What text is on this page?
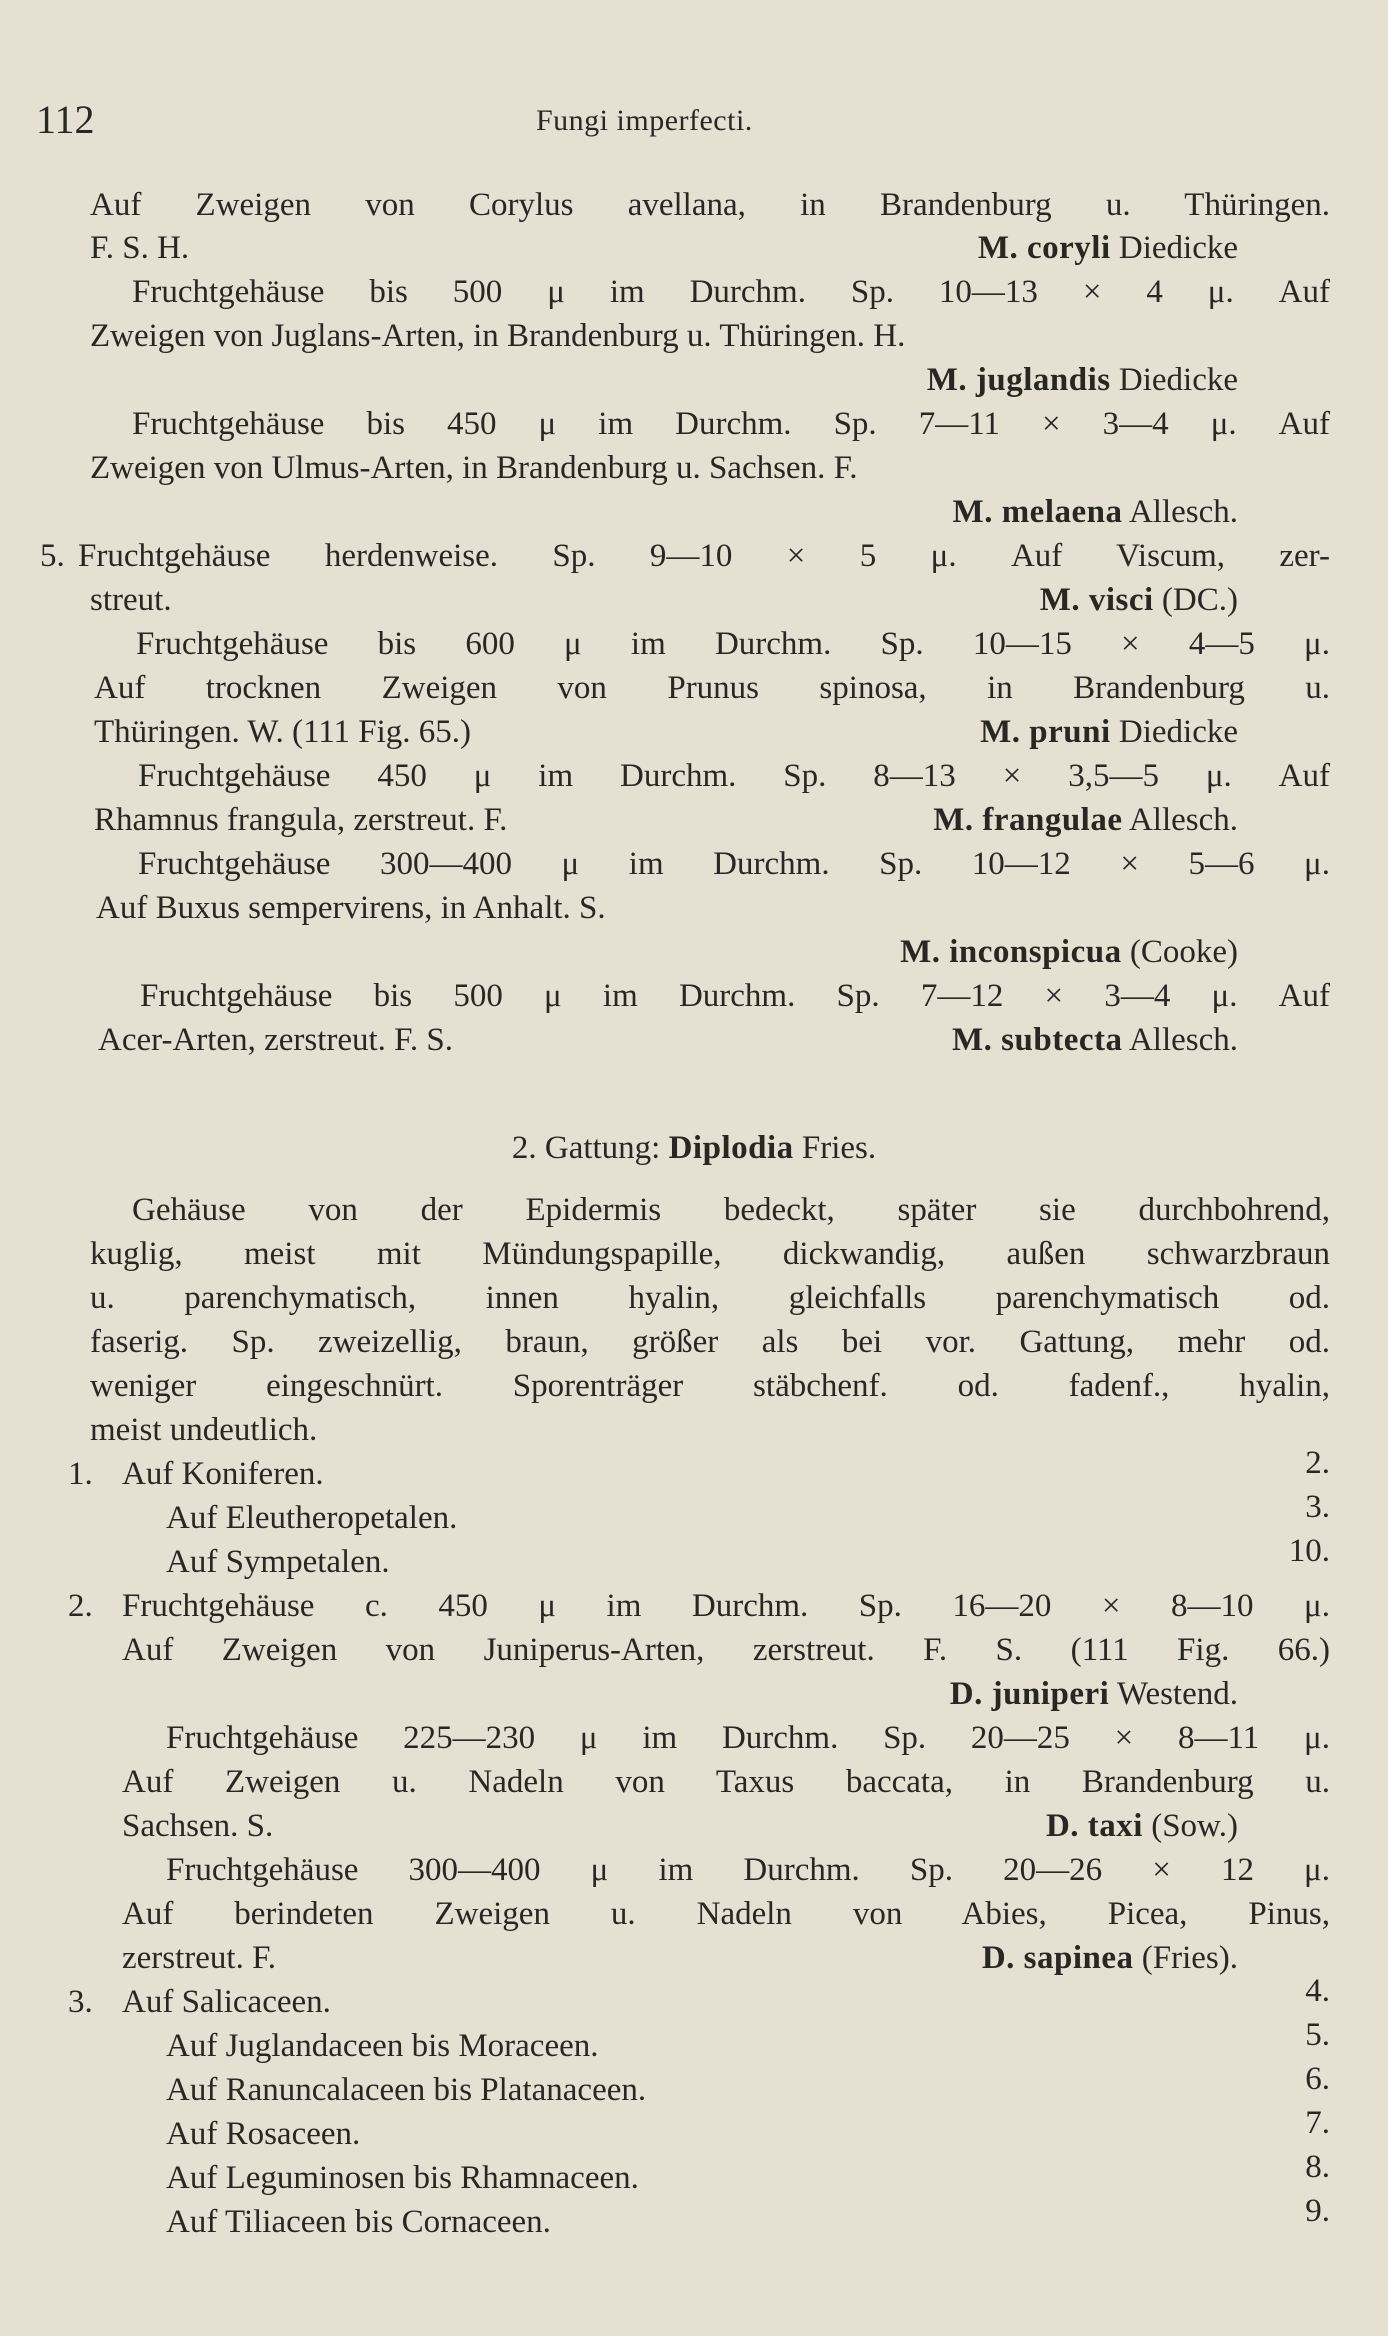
112	Fungi imperfecti.
Auf Zweigen von Corylus avellana, in Brandenburg u. Thüringen.
F. S. H.	M. coryli Diedicke
Fruchtgehäuse bis 500 μ im Durchm. Sp. 10—13 × 4 μ. Auf
Zweigen von Juglans-Arten, in Brandenburg u. Thüringen. H.
M. juglandis Diedicke
Fruchtgehäuse bis 450 μ im Durchm. Sp. 7—11 × 3—4 μ. Auf
Zweigen von Ulmus-Arten, in Brandenburg u. Sachsen. F.
M. melaena Allesch.
5. Fruchtgehäuse herdenweise. Sp. 9—10 × 5 μ. Auf Viscum, zer-
streut.	M. visci (DC.)
Fruchtgehäuse bis 600 μ im Durchm. Sp. 10—15 × 4—5 μ.
Auf trocknen Zweigen von Prunus spinosa, in Brandenburg u.
Thüringen. W. (111 Fig. 65.)	M. pruni Diedicke
Fruchtgehäuse 450 μ im Durchm. Sp. 8—13 × 3,5—5 μ. Auf
Rhamnus frangula, zerstreut. F.	M. frangulae Allesch.
Fruchtgehäuse 300—400 μ im Durchm. Sp. 10—12 × 5—6 μ.
Auf Buxus sempervirens, in Anhalt. S.
M. inconspicua (Cooke)
Fruchtgehäuse bis 500 μ im Durchm. Sp. 7—12 × 3—4 μ. Auf
Acer-Arten, zerstreut. F. S.	M. subtecta Allesch.
2. Gattung: Diplodia Fries.
Gehäuse von der Epidermis bedeckt, später sie durchbohrend,
kuglig, meist mit Mündungspapille, dickwandig, außen schwarzbraun
u. parenchymatisch, innen hyalin, gleichfalls parenchymatisch od.
faserig. Sp. zweizellig, braun, größer als bei vor. Gattung, mehr od.
weniger eingeschnürt. Sporenträger stäbchenf. od. fadenf., hyalin,
meist undeutlich.
1. Auf Koniferen.	2.
Auf Eleutheropetalen.	3.
Auf Sympetalen.	10.
2. Fruchtgehäuse c. 450 μ im Durchm. Sp. 16—20 × 8—10 μ.
Auf Zweigen von Juniperus-Arten, zerstreut. F. S. (111 Fig. 66.)
D. juniperi Westend.
Fruchtgehäuse 225—230 μ im Durchm. Sp. 20—25 × 8—11 μ.
Auf Zweigen u. Nadeln von Taxus baccata, in Brandenburg u.
Sachsen. S.	D. taxi (Sow.)
Fruchtgehäuse 300—400 μ im Durchm. Sp. 20—26 × 12 μ.
Auf berindeten Zweigen u. Nadeln von Abies, Picea, Pinus,
zerstreut. F.	D. sapinea (Fries).
3. Auf Salicaceen.	4.
Auf Juglandaceen bis Moraceen.	5.
Auf Ranuncalaceen bis Platanaceen.	6.
Auf Rosaceen.	7.
Auf Leguminosen bis Rhamnaceen.	8.
Auf Tiliaceen bis Cornaceen.	9.
